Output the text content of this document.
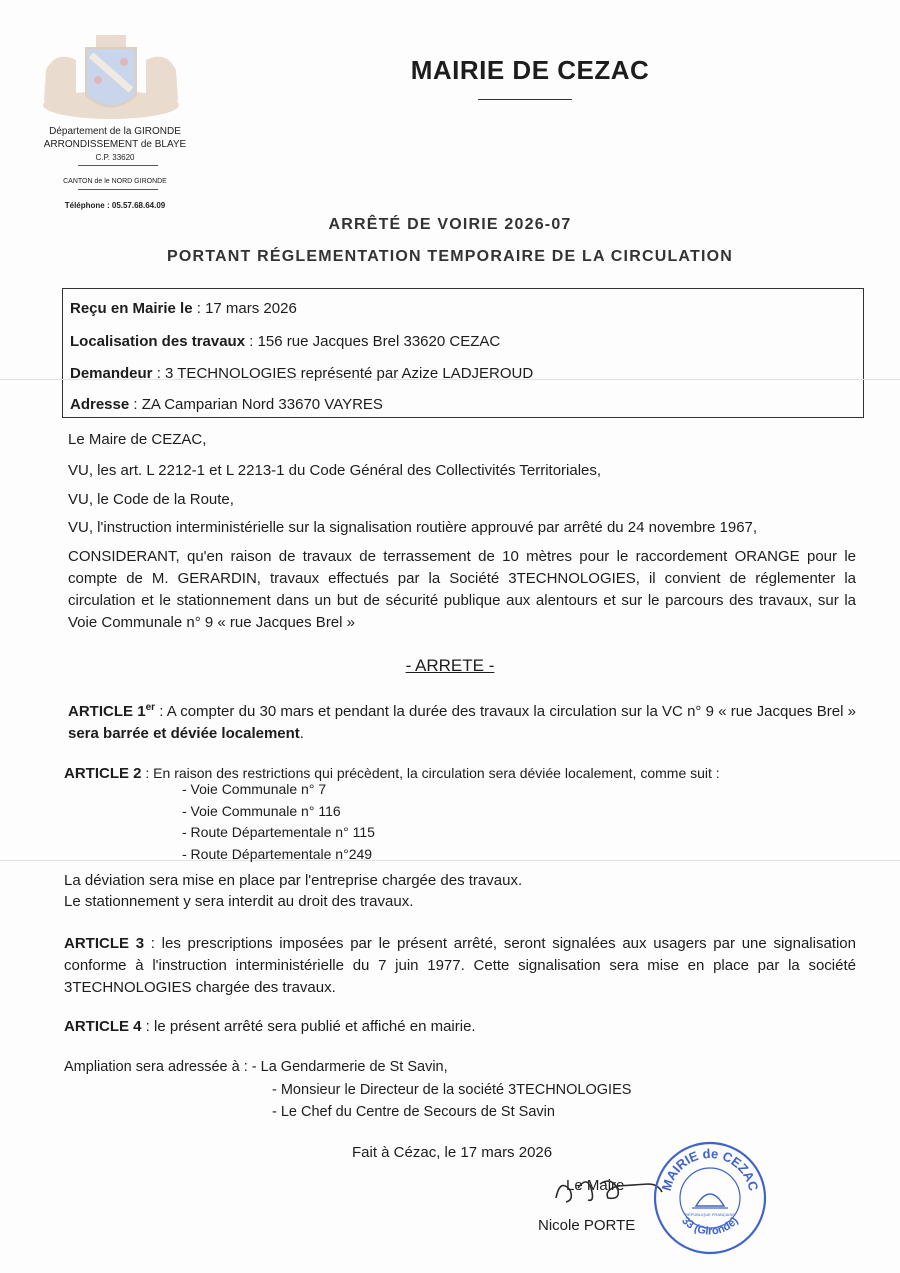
Département de la GIRONDE
ARRONDISSEMENT de BLAYE
C.P. 33620
CANTON de le NORD GIRONDE
Téléphone : 05.57.68.64.09
MAIRIE DE CEZAC
ARRÊTÉ DE VOIRIE 2026-07
PORTANT RÉGLEMENTATION TEMPORAIRE DE LA CIRCULATION
Reçu en Mairie le : 17 mars 2026
Localisation des travaux : 156 rue Jacques Brel 33620 CEZAC
Demandeur : 3 TECHNOLOGIES représenté par Azize LADJEROUD
Adresse : ZA Camparian Nord 33670 VAYRES
Le Maire de CEZAC,
VU, les art. L 2212-1 et L 2213-1 du Code Général des Collectivités Territoriales,
VU, le Code de la Route,
VU, l'instruction interministérielle sur la signalisation routière approuvé par arrêté du 24 novembre 1967,
CONSIDERANT, qu'en raison de travaux de terrassement de 10 mètres pour le raccordement ORANGE pour le compte de M. GERARDIN, travaux effectués par la Société 3TECHNOLOGIES, il convient de réglementer la circulation et le stationnement dans un but de sécurité publique aux alentours et sur le parcours des travaux, sur la Voie Communale n° 9 « rue Jacques Brel »
- ARRETE -
ARTICLE 1er : A compter du 30 mars et pendant la durée des travaux la circulation sur la VC n° 9 « rue Jacques Brel » sera barrée et déviée localement.
ARTICLE 2 : En raison des restrictions qui précèdent, la circulation sera déviée localement, comme suit :
- Voie Communale n° 7
- Voie Communale n° 116
- Route Départementale n° 115
- Route Départementale n°249
La déviation sera mise en place par l'entreprise chargée des travaux.
Le stationnement y sera interdit au droit des travaux.
ARTICLE 3 : les prescriptions imposées par le présent arrêté, seront signalées aux usagers par une signalisation conforme à l'instruction interministérielle du 7 juin 1977. Cette signalisation sera mise en place par la société 3TECHNOLOGIES chargée des travaux.
ARTICLE 4 : le présent arrêté sera publié et affiché en mairie.
Ampliation sera adressée à : - La Gendarmerie de St Savin,
- Monsieur le Directeur de la société 3TECHNOLOGIES
- Le Chef du Centre de Secours de St Savin
Fait à Cézac, le 17 mars 2026
Le Maire
Nicole PORTE
MAIRIE de CEZAC
33 (Gironde)
RÉPUBLIQUE FRANÇAISE
